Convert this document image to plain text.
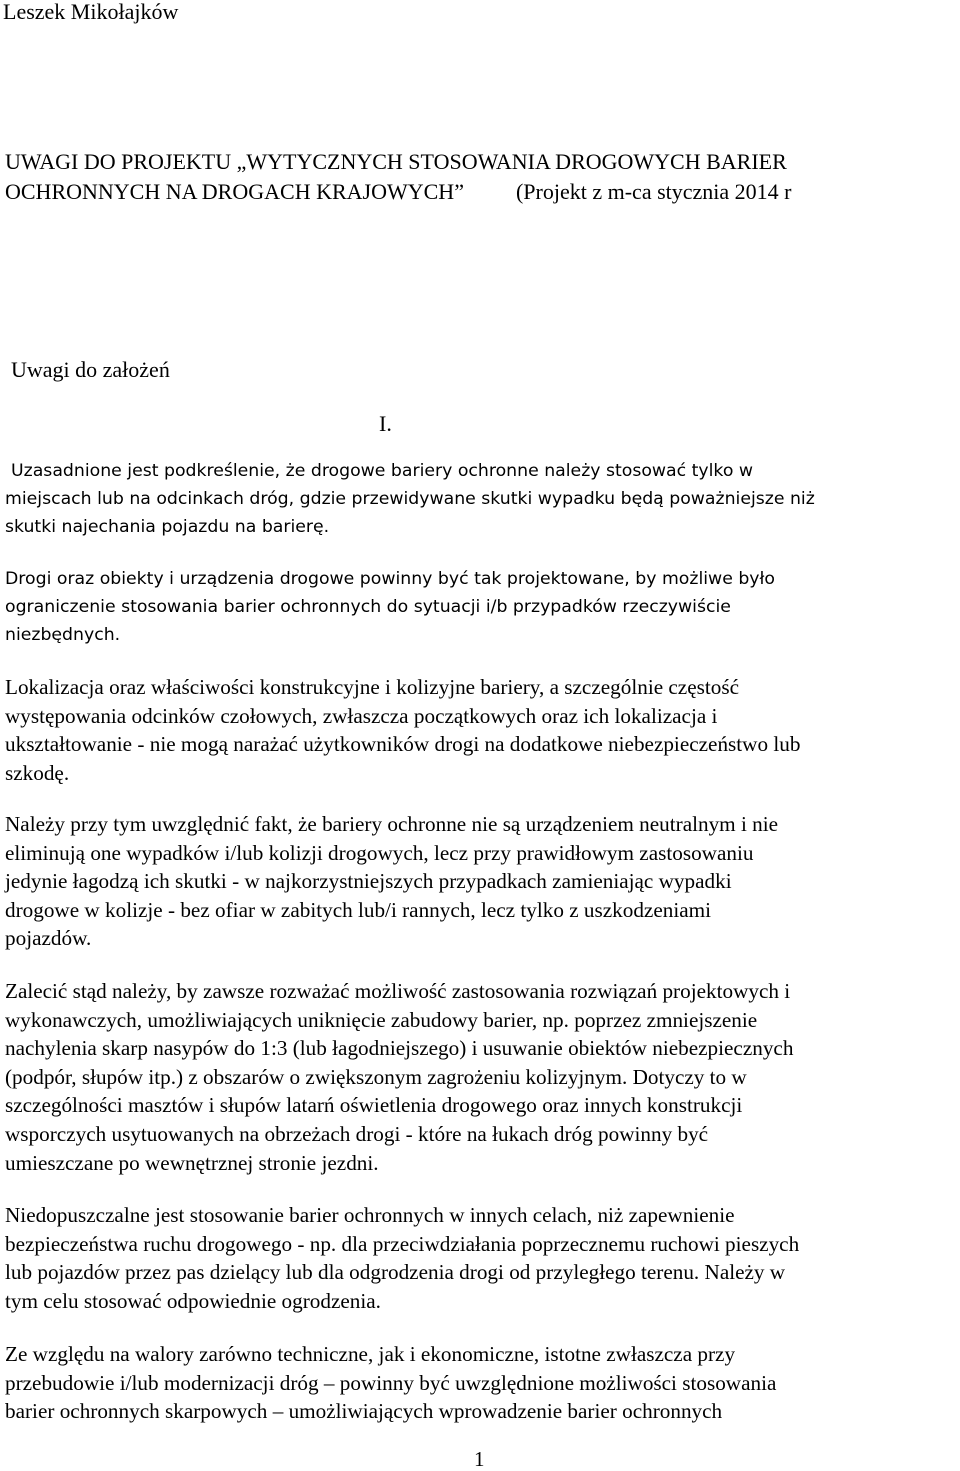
Leszek Mikołajków
UWAGI DO PROJEKTU „WYTYCZNYCH STOSOWANIA DROGOWYCH BARIER
OCHRONNYCH NA DROGACH KRAJOWYCH” (Projekt z m-ca stycznia 2014 r
Uwagi do założeń
I.
Uzasadnione jest podkreślenie, że drogowe bariery ochronne należy stosować tylko w
miejscach lub na odcinkach dróg, gdzie przewidywane skutki wypadku będą poważniejsze niż
skutki najechania pojazdu na barierę.
Drogi oraz obiekty i urządzenia drogowe powinny być tak projektowane, by możliwe było
ograniczenie stosowania barier ochronnych do sytuacji i/b przypadków rzeczywiście
niezbędnych.
Lokalizacja oraz właściwości konstrukcyjne i kolizyjne bariery, a szczególnie częstość
występowania odcinków czołowych, zwłaszcza początkowych oraz ich lokalizacja i
ukształtowanie - nie mogą narażać użytkowników drogi na dodatkowe niebezpieczeństwo lub
szkodę.
Należy przy tym uwzględnić fakt, że bariery ochronne nie są urządzeniem neutralnym i nie
eliminują one wypadków i/lub kolizji drogowych, lecz przy prawidłowym zastosowaniu
jedynie łagodzą ich skutki - w najkorzystniejszych przypadkach zamieniając wypadki
drogowe w kolizje - bez ofiar w zabitych lub/i rannych, lecz tylko z uszkodzeniami
pojazdów.
Zalecić stąd należy, by zawsze rozważać możliwość zastosowania rozwiązań projektowych i
wykonawczych, umożliwiających uniknięcie zabudowy barier, np. poprzez zmniejszenie
nachylenia skarp nasypów do 1:3 (lub łagodniejszego) i usuwanie obiektów niebezpiecznych
(podpór, słupów itp.) z obszarów o zwiększonym zagrożeniu kolizyjnym. Dotyczy to w
szczególności masztów i słupów latarń oświetlenia drogowego oraz innych konstrukcji
wsporczych usytuowanych na obrzeżach drogi - które na łukach dróg powinny być
umieszczane po wewnętrznej stronie jezdni.
Niedopuszczalne jest stosowanie barier ochronnych w innych celach, niż zapewnienie
bezpieczeństwa ruchu drogowego - np. dla przeciwdziałania poprzecznemu ruchowi pieszych
lub pojazdów przez pas dzielący lub dla odgrodzenia drogi od przyległego terenu. Należy w
tym celu stosować odpowiednie ogrodzenia.
Ze względu na walory zarówno techniczne, jak i ekonomiczne, istotne zwłaszcza przy
przebudowie i/lub modernizacji dróg – powinny być uwzględnione możliwości stosowania
barier ochronnych skarpowych – umożliwiających wprowadzenie barier ochronnych
1
